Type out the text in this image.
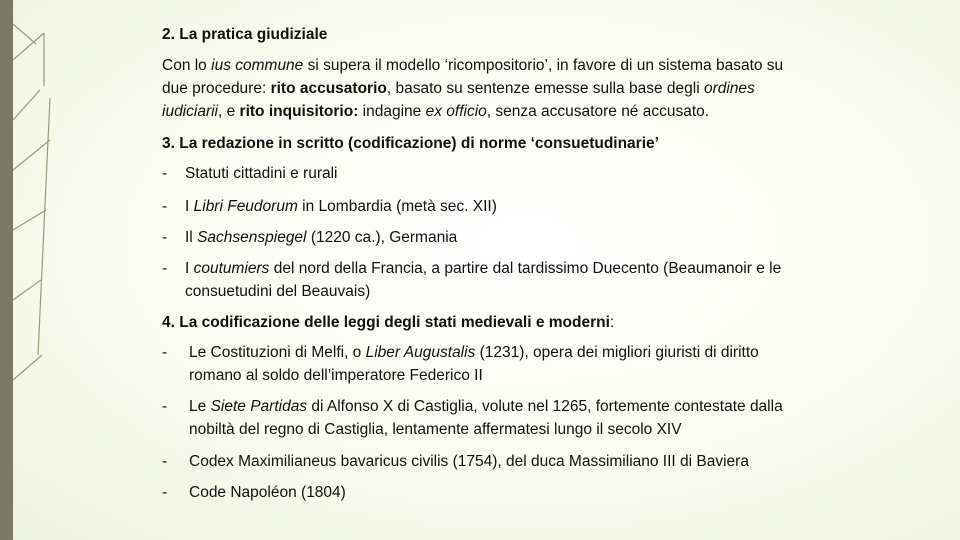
2. La pratica giudiziale
Con lo ius commune si supera il modello ‘ricompositorio’, in favore di un sistema basato su
due procedure: rito accusatorio, basato su sentenze emesse sulla base degli ordines
iudiciarii, e rito inquisitorio: indagine ex officio, senza accusatore né accusato.
3. La redazione in scritto (codificazione) di norme ‘consuetudinarie’
- Statuti cittadini e rurali
- I Libri Feudorum in Lombardia (metà sec. XII)
- Il Sachsenspiegel (1220 ca.), Germania
- I coutumiers del nord della Francia, a partire dal tardissimo Duecento (Beaumanoir e le
consuetudini del Beauvais)
4. La codificazione delle leggi degli stati medievali e moderni:
- Le Costituzioni di Melfi, o Liber Augustalis (1231), opera dei migliori giuristi di diritto
romano al soldo dell’imperatore Federico II
- Le Siete Partidas di Alfonso X di Castiglia, volute nel 1265, fortemente contestate dalla
nobiltà del regno di Castiglia, lentamente affermatesi lungo il secolo XIV
- Codex Maximilianeus bavaricus civilis (1754), del duca Massimiliano III di Baviera
- Code Napoléon (1804)
